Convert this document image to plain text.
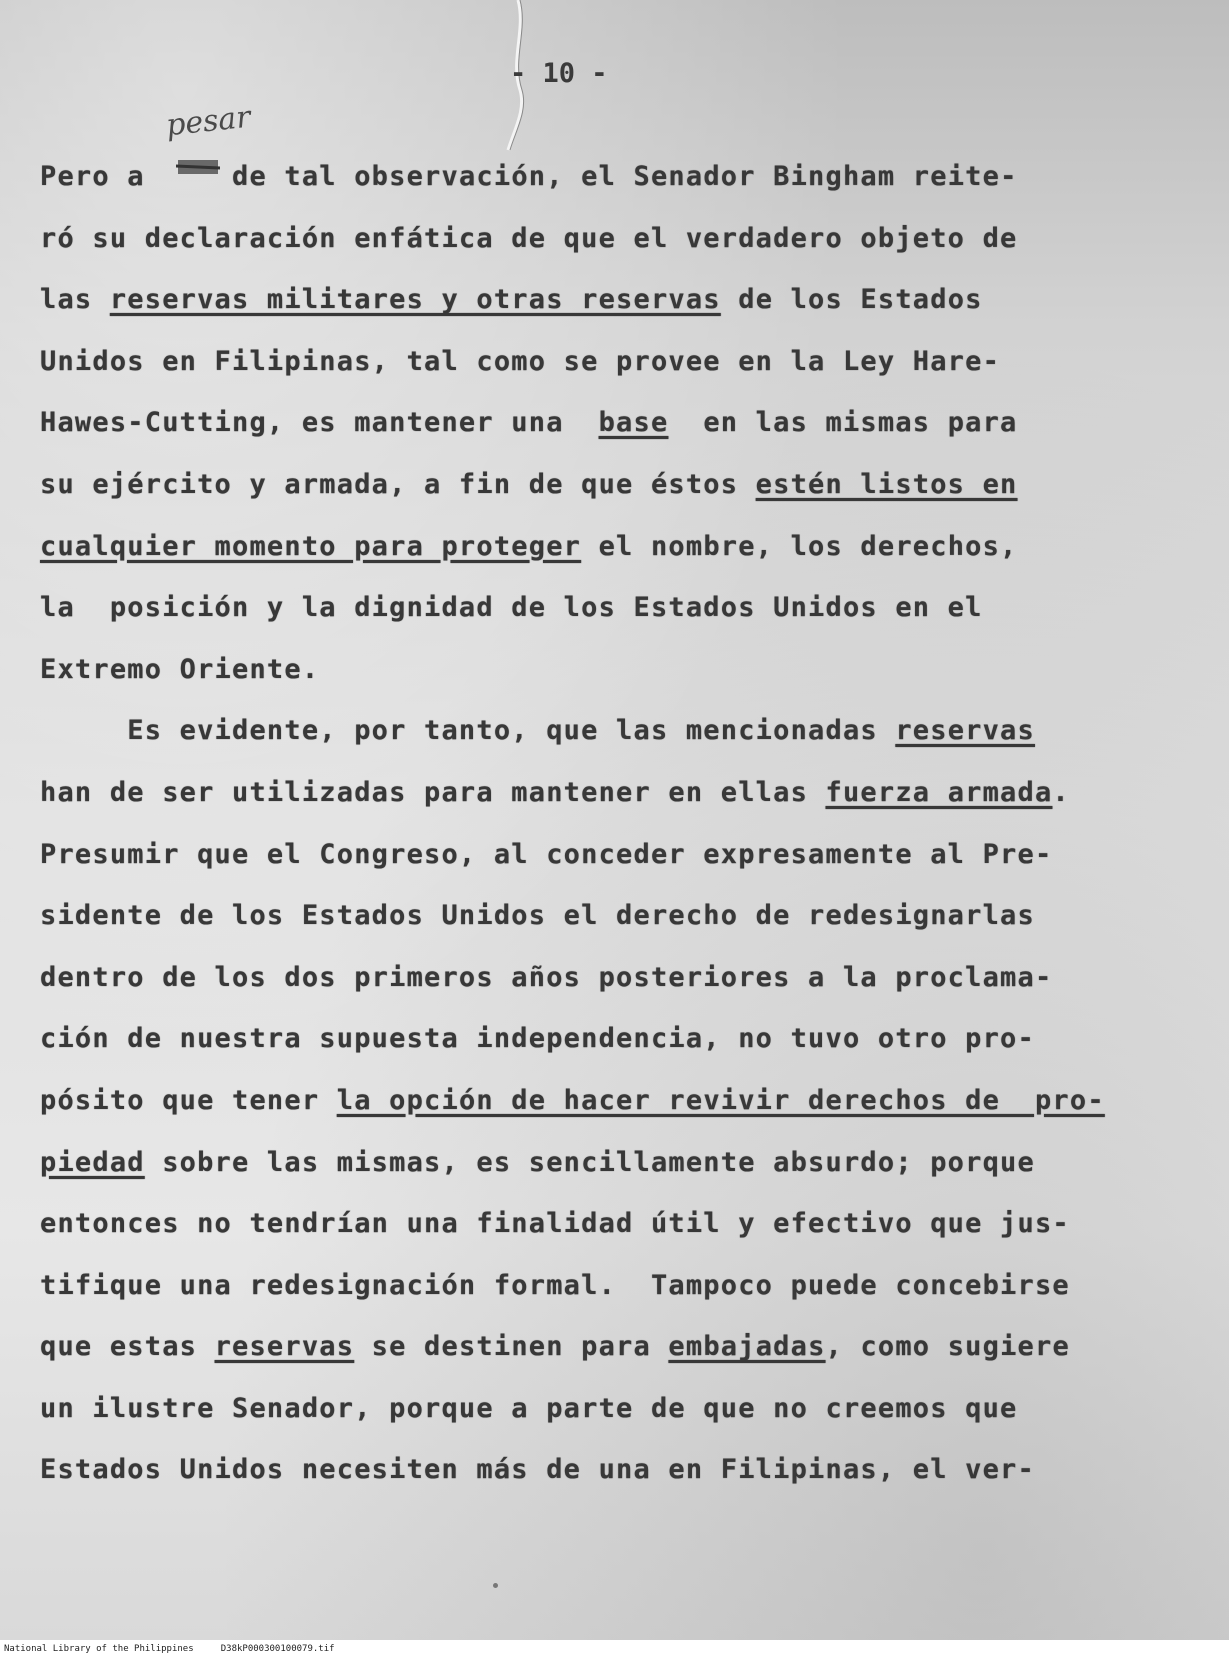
- 10 -
pesar
Pero a	de tal observación, el Senador Bingham reite-
ró su declaración enfática de que el verdadero objeto de
las reservas militares y otras reservas de los Estados
Unidos en Filipinas, tal como se provee en la Ley Hare-
Hawes-Cutting, es mantener una  base  en las mismas para
su ejército y armada, a fin de que éstos estén listos en
cualquier momento para proteger el nombre, los derechos,
la  posición y la dignidad de los Estados Unidos en el
Extremo Oriente.
Es evidente, por tanto, que las mencionadas reservas
han de ser utilizadas para mantener en ellas fuerza armada.
Presumir que el Congreso, al conceder expresamente al Pre-
sidente de los Estados Unidos el derecho de redesignarlas
dentro de los dos primeros años posteriores a la proclama-
ción de nuestra supuesta independencia, no tuvo otro pro-
pósito que tener la opción de hacer revivir derechos de  pro-
piedad sobre las mismas, es sencillamente absurdo; porque
entonces no tendrían una finalidad útil y efectivo que jus-
tifique una redesignación formal.  Tampoco puede concebirse
que estas reservas se destinen para embajadas, como sugiere
un ilustre Senador, porque a parte de que no creemos que
Estados Unidos necesiten más de una en Filipinas, el ver-
National Library of the Philippines	D38kP000300100079.tif
